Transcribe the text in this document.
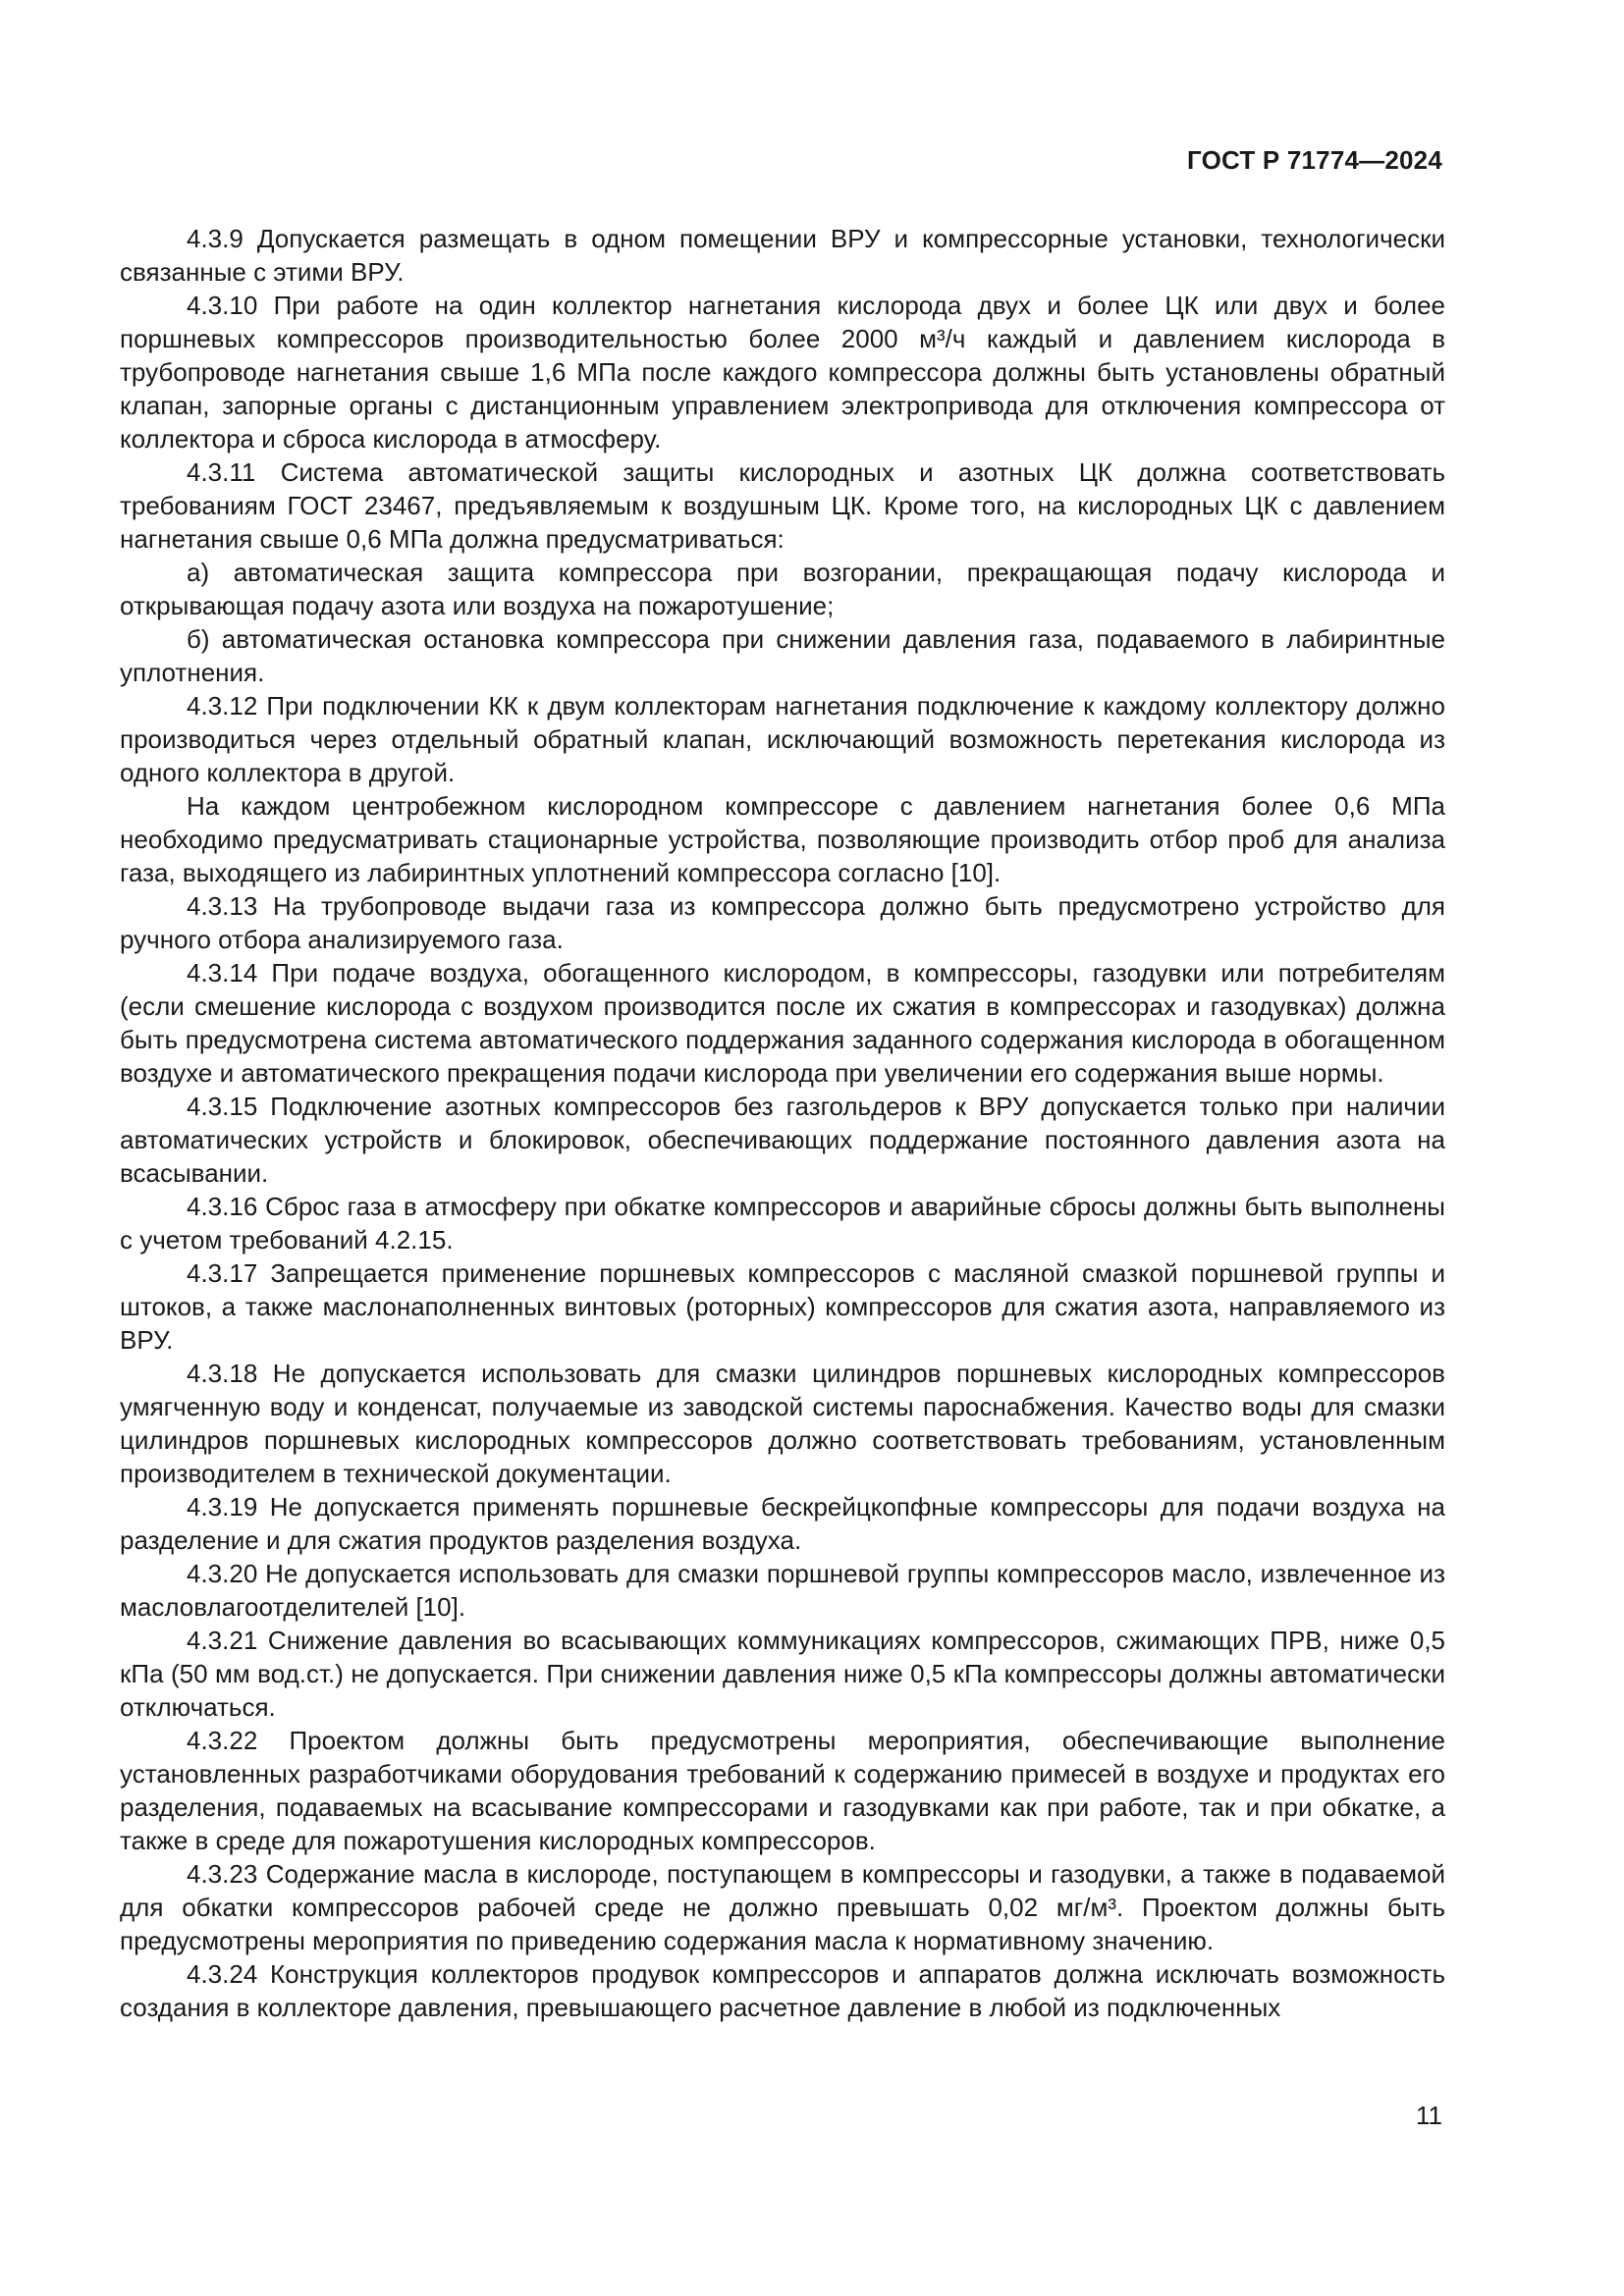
ГОСТ Р 71774—2024

4.3.9 Допускается размещать в одном помещении ВРУ и компрессорные установки, технологически связанные с этими ВРУ.

4.3.10 При работе на один коллектор нагнетания кислорода двух и более ЦК или двух и более поршневых компрессоров производительностью более 2000 м³/ч каждый и давлением кислорода в трубопроводе нагнетания свыше 1,6 МПа после каждого компрессора должны быть установлены обратный клапан, запорные органы с дистанционным управлением электропривода для отключения компрессора от коллектора и сброса кислорода в атмосферу.

4.3.11 Система автоматической защиты кислородных и азотных ЦК должна соответствовать требованиям ГОСТ 23467, предъявляемым к воздушным ЦК. Кроме того, на кислородных ЦК с давлением нагнетания свыше 0,6 МПа должна предусматриваться:

а) автоматическая защита компрессора при возгорании, прекращающая подачу кислорода и открывающая подачу азота или воздуха на пожаротушение;

б) автоматическая остановка компрессора при снижении давления газа, подаваемого в лабиринтные уплотнения.

4.3.12 При подключении КК к двум коллекторам нагнетания подключение к каждому коллектору должно производиться через отдельный обратный клапан, исключающий возможность перетекания кислорода из одного коллектора в другой.

На каждом центробежном кислородном компрессоре с давлением нагнетания более 0,6 МПа необходимо предусматривать стационарные устройства, позволяющие производить отбор проб для анализа газа, выходящего из лабиринтных уплотнений компрессора согласно [10].

4.3.13 На трубопроводе выдачи газа из компрессора должно быть предусмотрено устройство для ручного отбора анализируемого газа.

4.3.14 При подаче воздуха, обогащенного кислородом, в компрессоры, газодувки или потребителям (если смешение кислорода с воздухом производится после их сжатия в компрессорах и газодувках) должна быть предусмотрена система автоматического поддержания заданного содержания кислорода в обогащенном воздухе и автоматического прекращения подачи кислорода при увеличении его содержания выше нормы.

4.3.15 Подключение азотных компрессоров без газгольдеров к ВРУ допускается только при наличии автоматических устройств и блокировок, обеспечивающих поддержание постоянного давления азота на всасывании.

4.3.16 Сброс газа в атмосферу при обкатке компрессоров и аварийные сбросы должны быть выполнены с учетом требований 4.2.15.

4.3.17 Запрещается применение поршневых компрессоров с масляной смазкой поршневой группы и штоков, а также маслонаполненных винтовых (роторных) компрессоров для сжатия азота, направляемого из ВРУ.

4.3.18 Не допускается использовать для смазки цилиндров поршневых кислородных компрессоров умягченную воду и конденсат, получаемые из заводской системы пароснабжения. Качество воды для смазки цилиндров поршневых кислородных компрессоров должно соответствовать требованиям, установленным производителем в технической документации.

4.3.19 Не допускается применять поршневые бескрейцкопфные компрессоры для подачи воздуха на разделение и для сжатия продуктов разделения воздуха.

4.3.20 Не допускается использовать для смазки поршневой группы компрессоров масло, извлеченное из масловлагоотделителей [10].

4.3.21 Снижение давления во всасывающих коммуникациях компрессоров, сжимающих ПРВ, ниже 0,5 кПа (50 мм вод.ст.) не допускается. При снижении давления ниже 0,5 кПа компрессоры должны автоматически отключаться.

4.3.22 Проектом должны быть предусмотрены мероприятия, обеспечивающие выполнение установленных разработчиками оборудования требований к содержанию примесей в воздухе и продуктах его разделения, подаваемых на всасывание компрессорами и газодувками как при работе, так и при обкатке, а также в среде для пожаротушения кислородных компрессоров.

4.3.23 Содержание масла в кислороде, поступающем в компрессоры и газодувки, а также в подаваемой для обкатки компрессоров рабочей среде не должно превышать 0,02 мг/м³. Проектом должны быть предусмотрены мероприятия по приведению содержания масла к нормативному значению.

4.3.24 Конструкция коллекторов продувок компрессоров и аппаратов должна исключать возможность создания в коллекторе давления, превышающего расчетное давление в любой из подключенных

11
